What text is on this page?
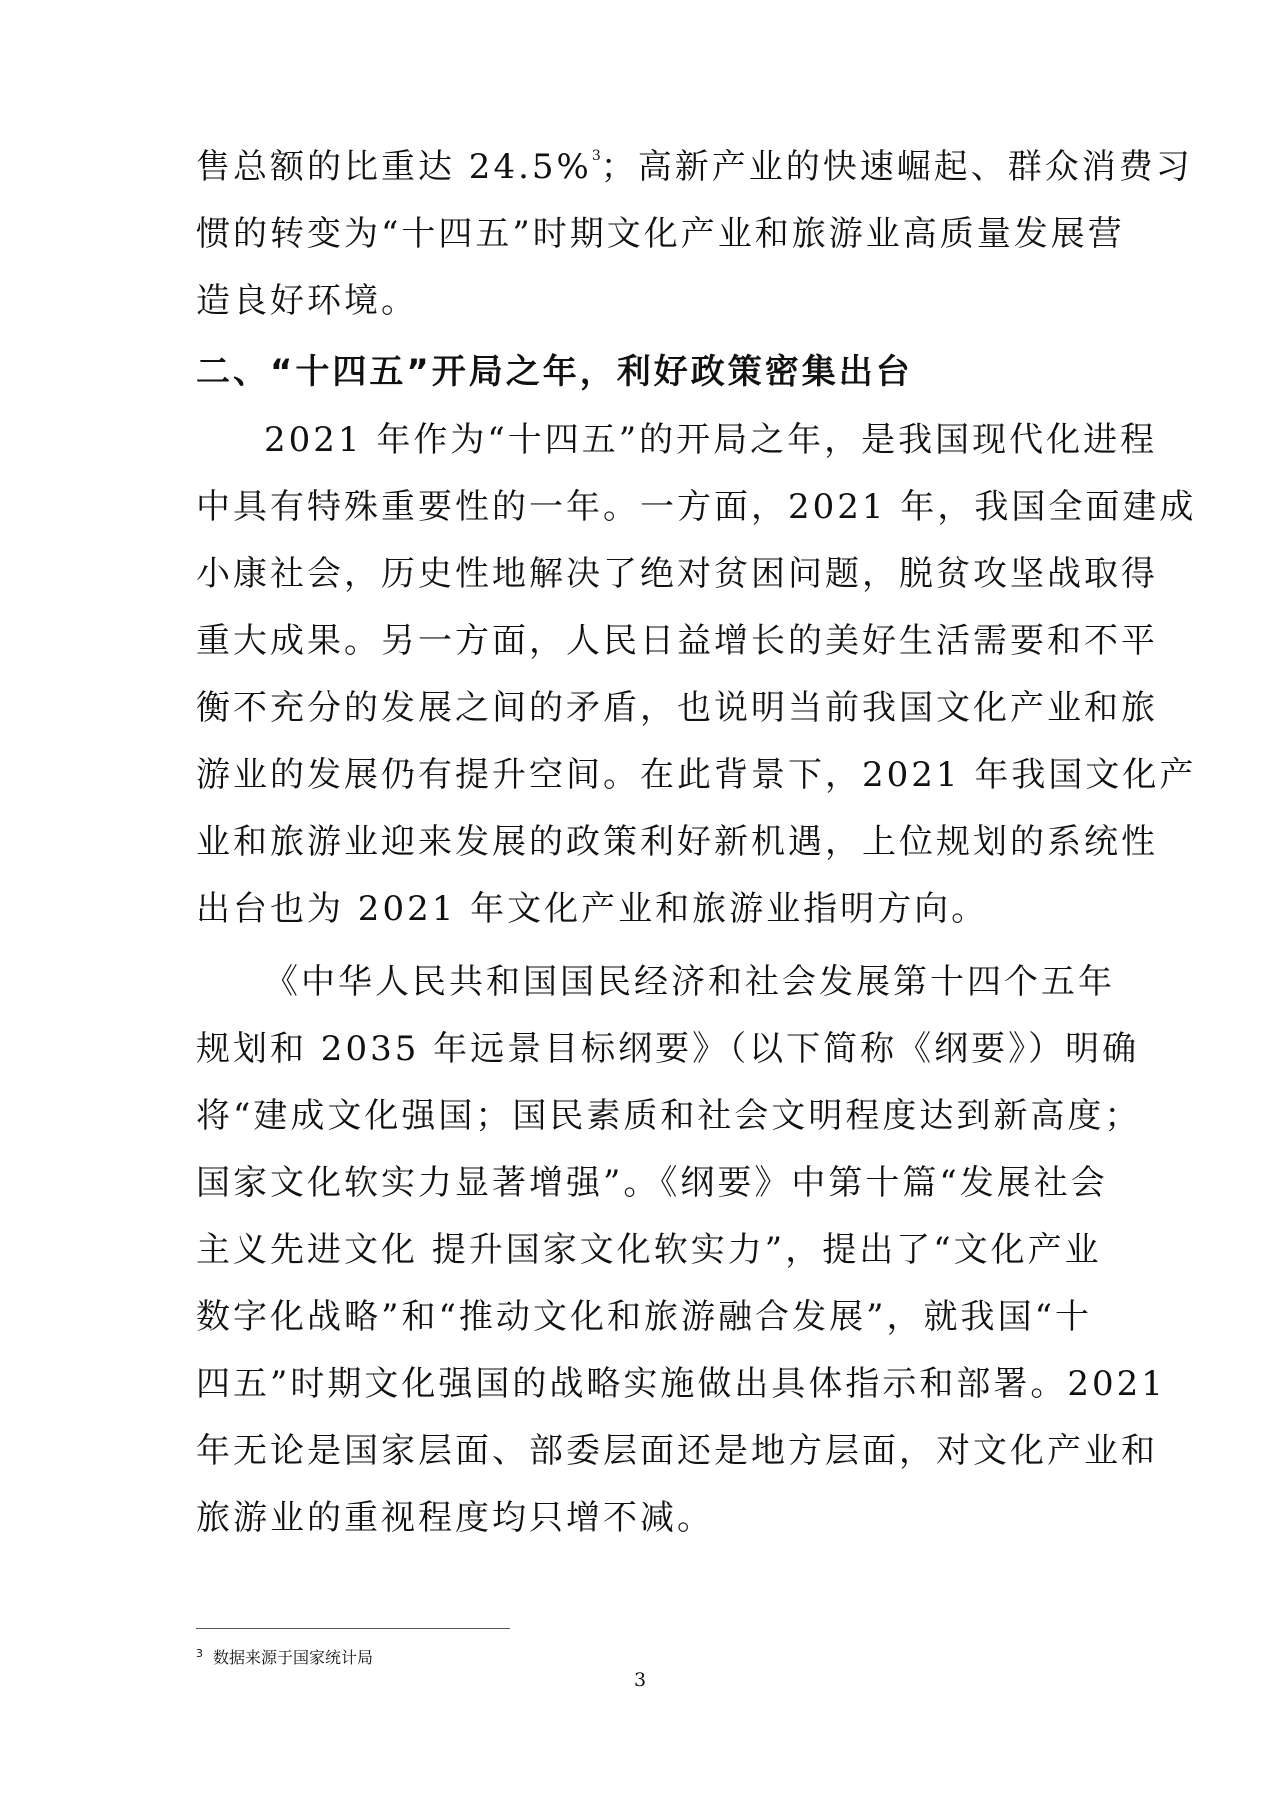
售总额的比重达 24.5%$^3$；高新产业的快速崛起、群众消费习
惯的转变为“十四五”时期文化产业和旅游业高质量发展营
造良好环境。
二、“十四五”开局之年，利好政策密集出台
2021 年作为“十四五”的开局之年，是我国现代化进程
中具有特殊重要性的一年。一方面，2021 年，我国全面建成
小康社会，历史性地解决了绝对贫困问题，脱贫攻坚战取得
重大成果。另一方面，人民日益增长的美好生活需要和不平
衡不充分的发展之间的矛盾，也说明当前我国文化产业和旅
游业的发展仍有提升空间。在此背景下，2021 年我国文化产
业和旅游业迎来发展的政策利好新机遇，上位规划的系统性
出台也为 2021 年文化产业和旅游业指明方向。
《中华人民共和国国民经济和社会发展第十四个五年
规划和 2035 年远景目标纲要》（以下简称《纲要》）明确
将“建成文化强国；国民素质和社会文明程度达到新高度；
国家文化软实力显著增强”。《纲要》中第十篇“发展社会
主义先进文化 提升国家文化软实力”，提出了“文化产业
数字化战略”和“推动文化和旅游融合发展”，就我国“十
四五”时期文化强国的战略实施做出具体指示和部署。2021
年无论是国家层面、部委层面还是地方层面，对文化产业和
旅游业的重视程度均只增不减。
$^3$ 数据来源于国家统计局
3
